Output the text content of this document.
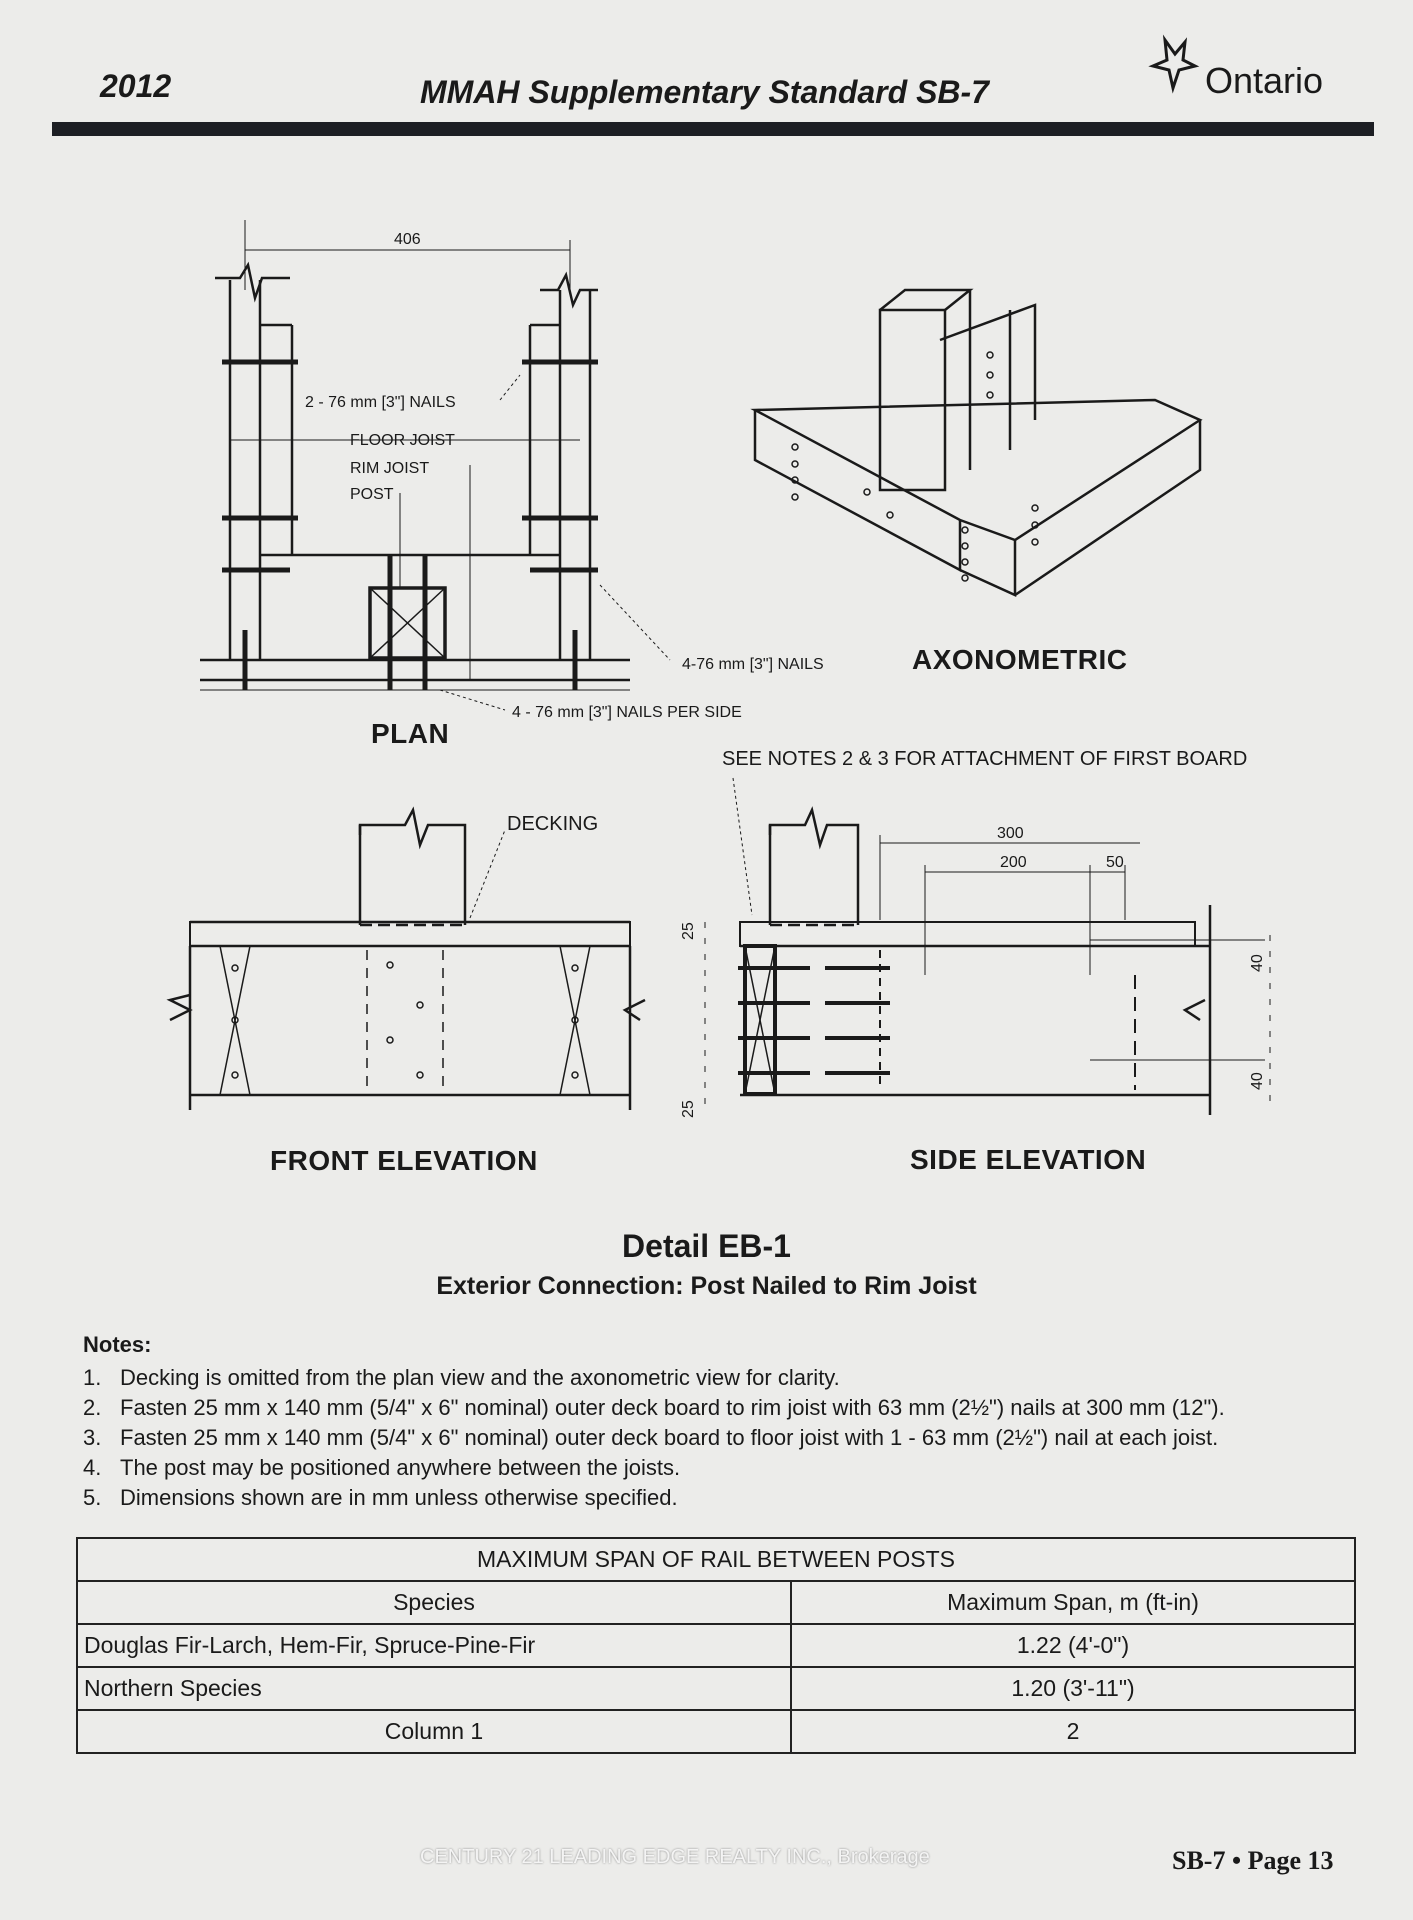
2012	MMAH Supplementary Standard SB-7	Ontario
406
2 - 76 mm [3"] NAILS
FLOOR JOIST
RIM JOIST
POST
4-76 mm [3"] NAILS
4 - 76 mm [3"] NAILS PER SIDE
SEE NOTES 2 & 3 FOR ATTACHMENT OF FIRST BOARD
DECKING	300
200	50
25
25
40
40
PLAN
AXONOMETRIC
FRONT ELEVATION	SIDE ELEVATION
Detail EB-1
Exterior Connection: Post Nailed to Rim Joist
Notes:
1. Decking is omitted from the plan view and the axonometric view for clarity.
2. Fasten 25 mm x 140 mm (5/4" x 6" nominal) outer deck board to rim joist with 63 mm (2½") nails at 300 mm (12").
3. Fasten 25 mm x 140 mm (5/4" x 6" nominal) outer deck board to floor joist with 1 - 63 mm (2½") nail at each joist.
4. The post may be positioned anywhere between the joists.
5. Dimensions shown are in mm unless otherwise specified.
MAXIMUM SPAN OF RAIL BETWEEN POSTS	
Species	Maximum Span, m (ft-in)
Douglas Fir-Larch, Hem-Fir, Spruce-Pine-Fir	1.22 (4'-0")
Northern Species	1.20 (3'-11")
Column 1	2
CENTURY 21 LEADING EDGE REALTY INC., Brokerage	SB-7 • Page 13
